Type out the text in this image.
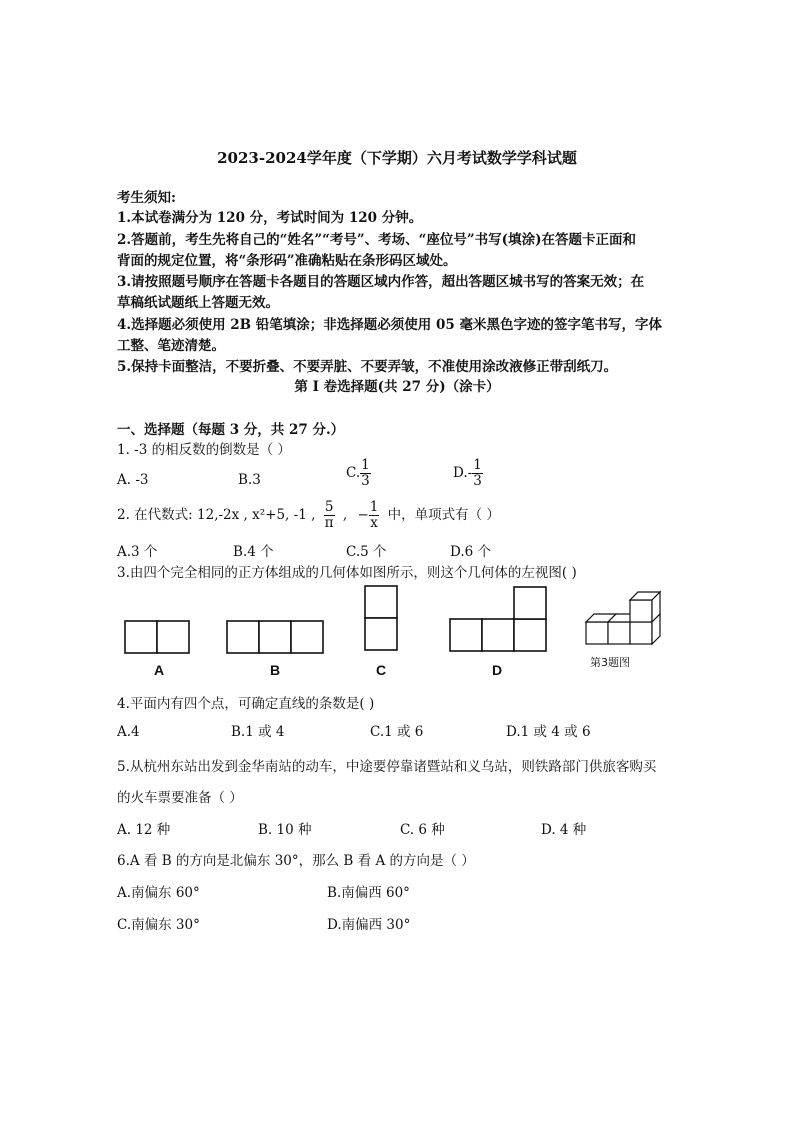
2023-2024学年度（下学期）六月考试数学学科试题
考生须知:
1.本试卷满分为 120 分，考试时间为 120 分钟。
2.答题前，考生先将自己的“姓名”“考号”、考场、“座位号”书写(填涂)在答题卡正面和
背面的规定位置，将“条形码”准确粘贴在条形码区域处。
3.请按照题号顺序在答题卡各题目的答题区域内作答，超出答题区城书写的答案无效；在
草稿纸试题纸上答题无效。
4.选择题必须使用 2B 铅笔填涂；非选择题必须使用 05 毫米黑色字迹的签字笔书写，字体
工整、笔迹清楚。
5.保持卡面整洁，不要折叠、不要弄脏、不要弄皱，不准使用涂改液修正带刮纸刀。
第 I 卷选择题(共 27 分)（涂卡）
一、选择题（每题 3 分，共 27 分.）
1. -3 的相反数的倒数是（ ）
A. -3	B.3	C. $\frac{1}{3}$	$D.- \frac{1}{3}$
2. 在代数式: 12,-2x , x²+5, -1 , $\frac{5}{\pi}$ , − $\frac{1}{x}$ 中，单项式有（ ）
A.3 个	B.4 个	C.5 个	D.6 个
3.由四个完全相同的正方体组成的几何体如图所示，则这个几何体的左视图( )
A	B	C	D	第3题图
4.平面内有四个点，可确定直线的条数是( )
A.4	B.1 或 4	C.1 或 6	D.1 或 4 或 6
5.从杭州东站出发到金华南站的动车，中途要停靠诸暨站和义乌站，则铁路部门供旅客购买
的火车票要准备（ ）
A. 12 种	B. 10 种	C. 6 种	D. 4 种
6.A 看 B 的方向是北偏东 30°，那么 B 看 A 的方向是（ ）
A.南偏东 60°	B.南偏西 60°
C.南偏东 30°	D.南偏西 30°
